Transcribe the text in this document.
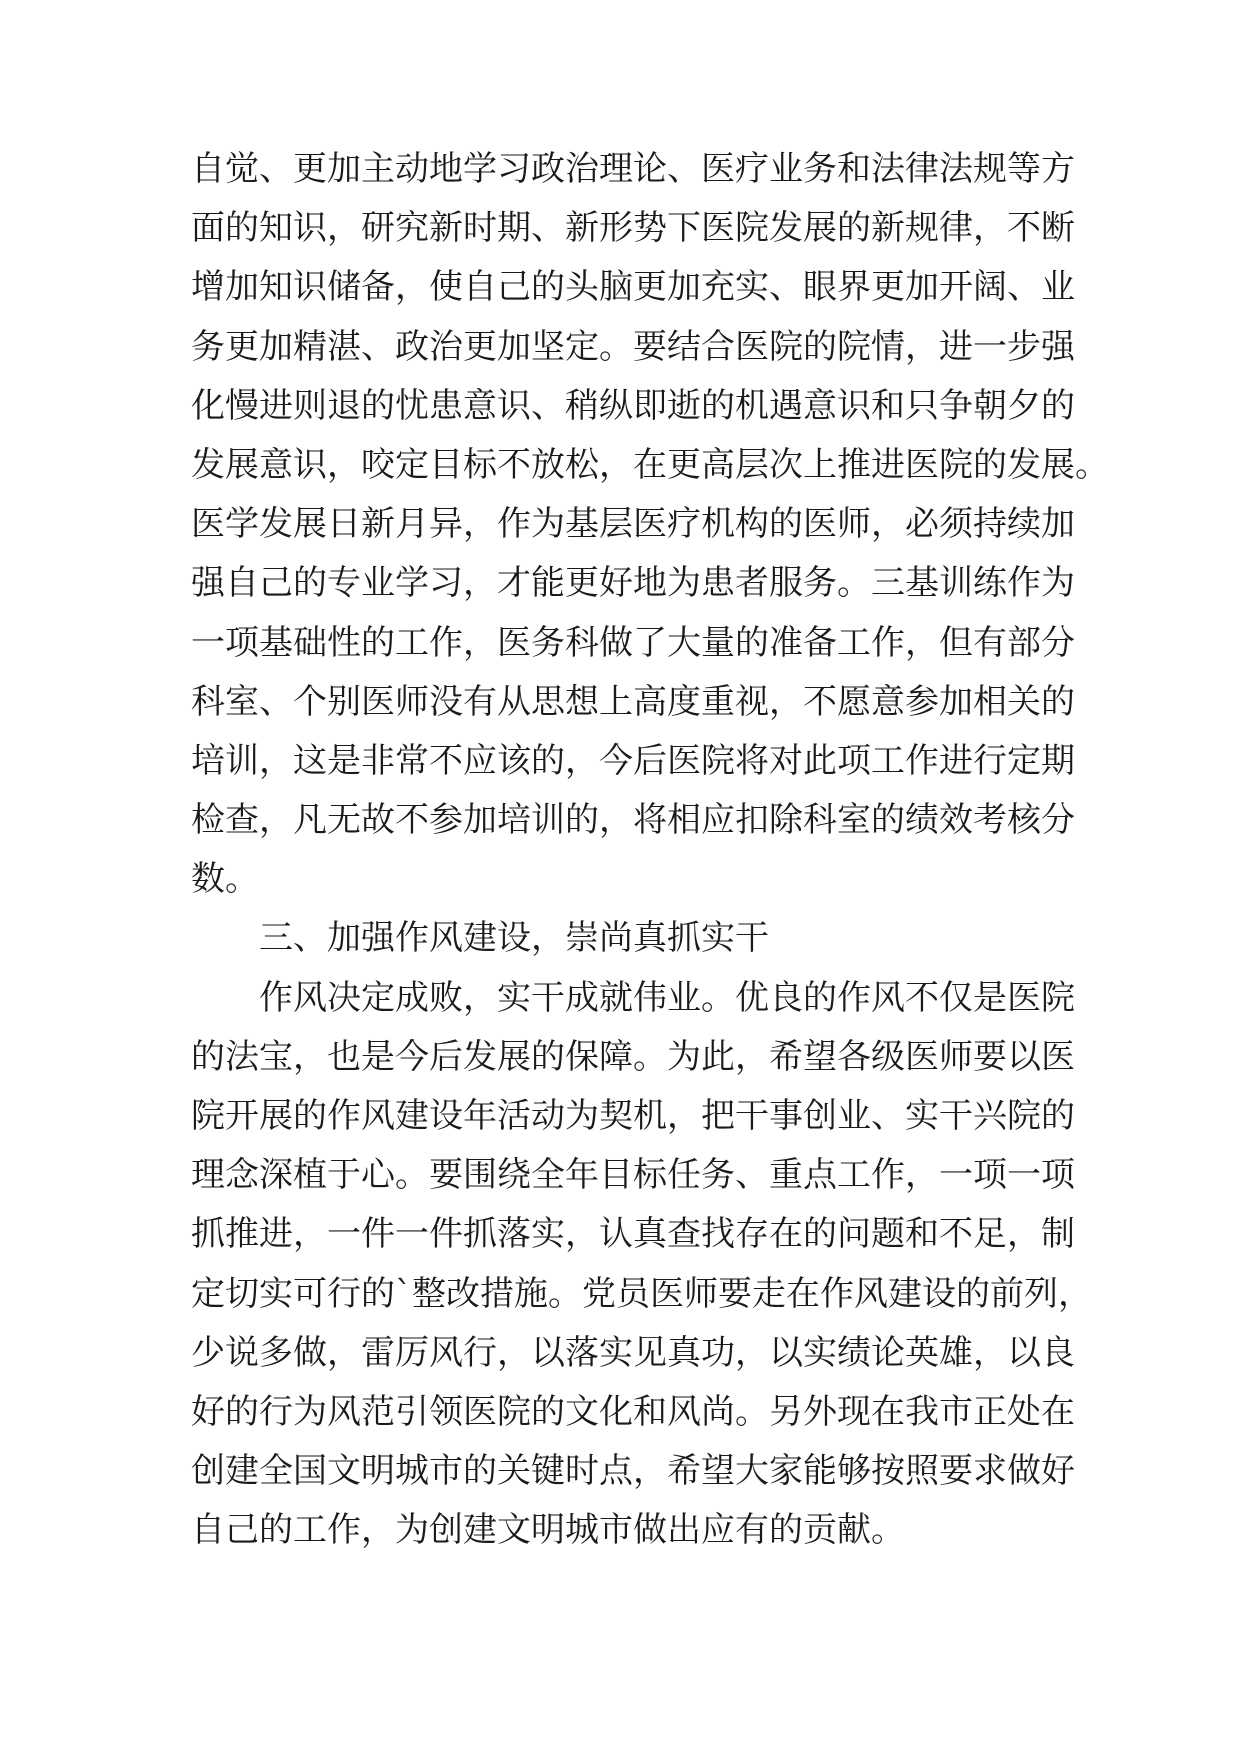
自觉、更加主动地学习政治理论、医疗业务和法律法规等方
面的知识，研究新时期、新形势下医院发展的新规律，不断
增加知识储备，使自己的头脑更加充实、眼界更加开阔、业
务更加精湛、政治更加坚定。要结合医院的院情，进一步强
化慢进则退的忧患意识、稍纵即逝的机遇意识和只争朝夕的
发展意识，咬定目标不放松，在更高层次上推进医院的发展。
医学发展日新月异，作为基层医疗机构的医师，必须持续加
强自己的专业学习，才能更好地为患者服务。三基训练作为
一项基础性的工作，医务科做了大量的准备工作，但有部分
科室、个别医师没有从思想上高度重视，不愿意参加相关的
培训，这是非常不应该的，今后医院将对此项工作进行定期
检查，凡无故不参加培训的，将相应扣除科室的绩效考核分
数。
三、加强作风建设，崇尚真抓实干
作风决定成败，实干成就伟业。优良的作风不仅是医院
的法宝，也是今后发展的保障。为此，希望各级医师要以医
院开展的作风建设年活动为契机，把干事创业、实干兴院的
理念深植于心。要围绕全年目标任务、重点工作，一项一项
抓推进，一件一件抓落实，认真查找存在的问题和不足，制
定切实可行的`整改措施。党员医师要走在作风建设的前列，
少说多做，雷厉风行，以落实见真功，以实绩论英雄，以良
好的行为风范引领医院的文化和风尚。另外现在我市正处在
创建全国文明城市的关键时点，希望大家能够按照要求做好
自己的工作，为创建文明城市做出应有的贡献。
